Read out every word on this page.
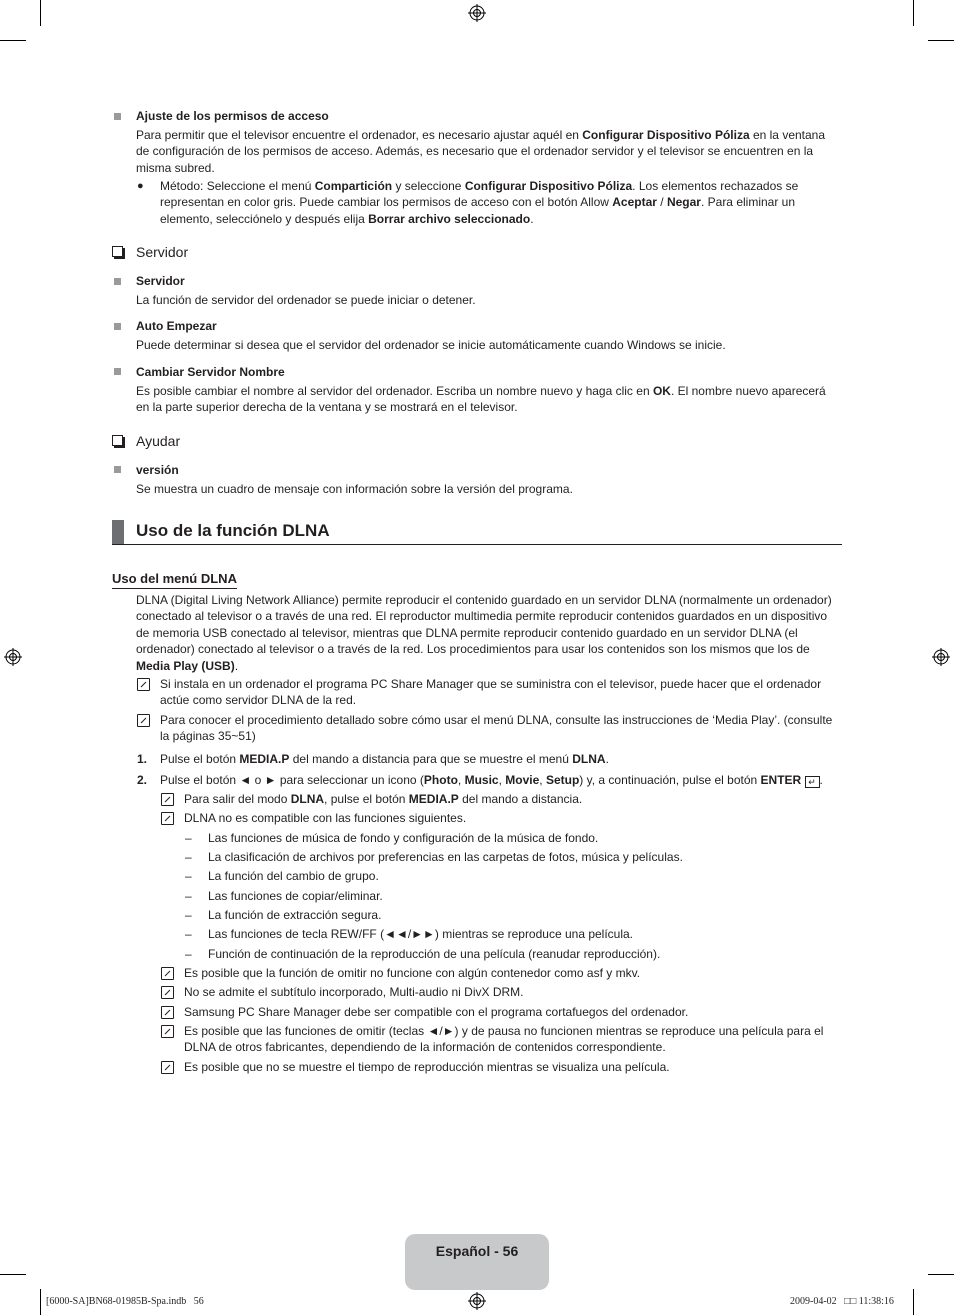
Ajuste de los permisos de acceso
Para permitir que el televisor encuentre el ordenador, es necesario ajustar aquél en Configurar Dispositivo Póliza en la ventana de configuración de los permisos de acceso. Además, es necesario que el ordenador servidor y el televisor se encuentren en la misma subred.
● Método: Seleccione el menú Compartición y seleccione Configurar Dispositivo Póliza. Los elementos rechazados se representan en color gris. Puede cambiar los permisos de acceso con el botón Allow Aceptar / Negar. Para eliminar un elemento, selecciónelo y después elija Borrar archivo seleccionado.
Servidor
Servidor
La función de servidor del ordenador se puede iniciar o detener.
Auto Empezar
Puede determinar si desea que el servidor del ordenador se inicie automáticamente cuando Windows se inicie.
Cambiar Servidor Nombre
Es posible cambiar el nombre al servidor del ordenador. Escriba un nombre nuevo y haga clic en OK. El nombre nuevo aparecerá en la parte superior derecha de la ventana y se mostrará en el televisor.
Ayudar
versión
Se muestra un cuadro de mensaje con información sobre la versión del programa.
Uso de la función DLNA
Uso del menú DLNA
DLNA (Digital Living Network Alliance) permite reproducir el contenido guardado en un servidor DLNA (normalmente un ordenador) conectado al televisor o a través de una red. El reproductor multimedia permite reproducir contenidos guardados en un dispositivo de memoria USB conectado al televisor, mientras que DLNA permite reproducir contenido guardado en un servidor DLNA (el ordenador) conectado al televisor o a través de la red. Los procedimientos para usar los contenidos son los mismos que los de Media Play (USB).
Si instala en un ordenador el programa PC Share Manager que se suministra con el televisor, puede hacer que el ordenador actúe como servidor DLNA de la red.
Para conocer el procedimiento detallado sobre cómo usar el menú DLNA, consulte las instrucciones de ‘Media Play’. (consulte la páginas 35~51)
1. Pulse el botón MEDIA.P del mando a distancia para que se muestre el menú DLNA.
2. Pulse el botón ◄ o ► para seleccionar un icono (Photo, Music, Movie, Setup) y, a continuación, pulse el botón ENTER ↵ .
Para salir del modo DLNA, pulse el botón MEDIA.P del mando a distancia.
DLNA no es compatible con las funciones siguientes.
– Las funciones de música de fondo y configuración de la música de fondo.
– La clasificación de archivos por preferencias en las carpetas de fotos, música y películas.
– La función del cambio de grupo.
– Las funciones de copiar/eliminar.
– La función de extracción segura.
– Las funciones de tecla REW/FF (◄◄/►►) mientras se reproduce una película.
– Función de continuación de la reproducción de una película (reanudar reproducción).
Es posible que la función de omitir no funcione con algún contenedor como asf y mkv.
No se admite el subtítulo incorporado, Multi-audio ni DivX DRM.
Samsung PC Share Manager debe ser compatible con el programa cortafuegos del ordenador.
Es posible que las funciones de omitir (teclas ◄/►) y de pausa no funcionen mientras se reproduce una película para el DLNA de otros fabricantes, dependiendo de la información de contenidos correspondiente.
Es posible que no se muestre el tiempo de reproducción mientras se visualiza una película.
Español - 56
[6000-SA]BN68-01985B-Spa.indb   56	2009-04-02   □□ 11:38:16
